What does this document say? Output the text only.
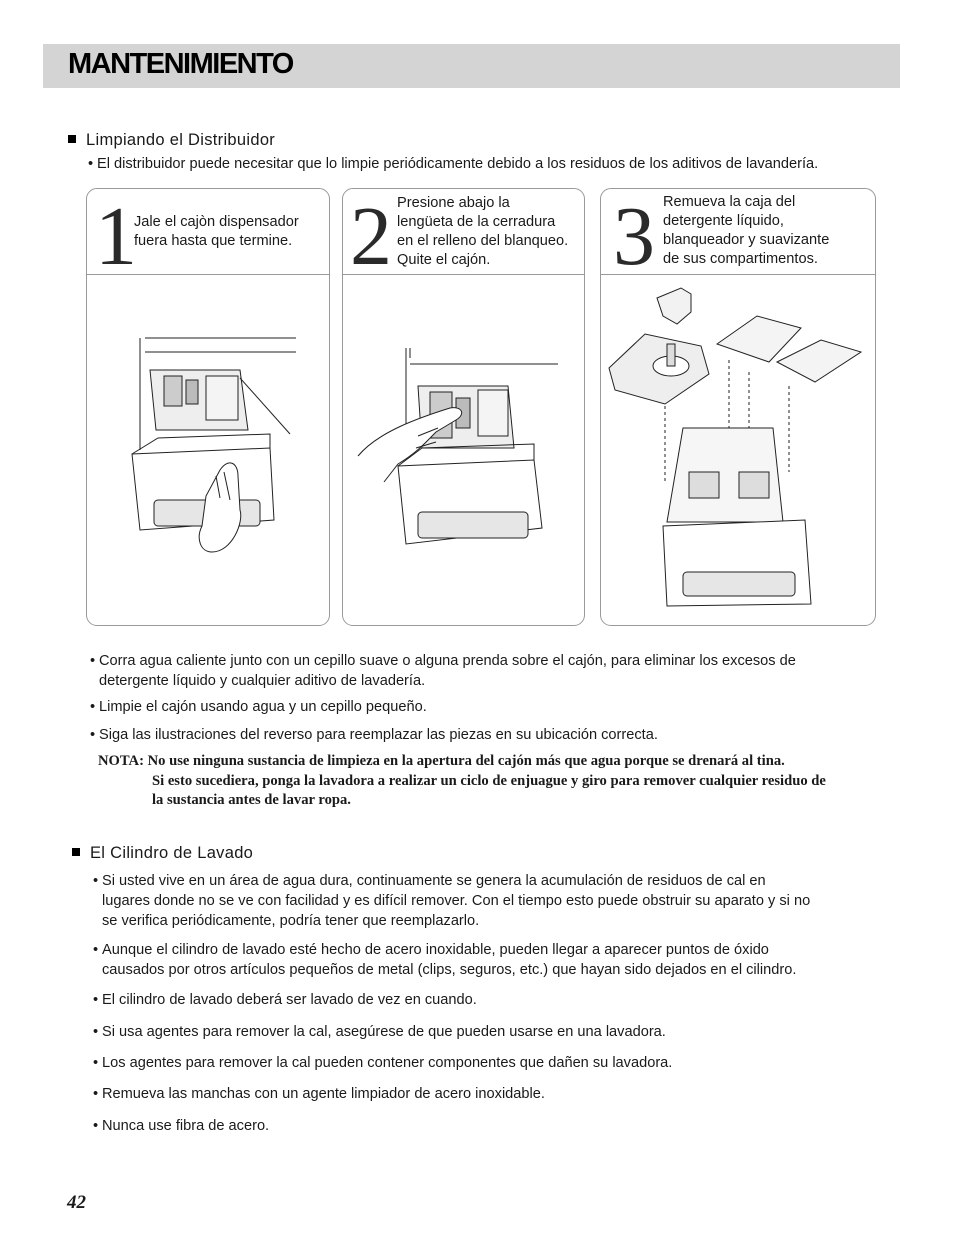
MANTENIMIENTO
Limpiando el Distribuidor
• El distribuidor puede necesitar que lo limpie periódicamente debido a los residuos de los aditivos de lavandería.
1
Jale el cajòn dispensador
fuera hasta que termine. 2 Presione abajo la
lengüeta de la cerradura
en el relleno del blanqueo.
Quite el cajón.	3 Remueva la caja del
detergente líquido,
blanqueador y suavizante
de sus compartimentos.
• Corra agua caliente junto con un cepillo suave o alguna prenda sobre el cajón, para eliminar los excesos de
detergente líquido y cualquier aditivo de lavadería.
• Limpie el cajón usando agua y un cepillo pequeño.
• Siga las ilustraciones del reverso para reemplazar las piezas en su ubicación correcta.
NOTA: No use ninguna sustancia de limpieza en la apertura del cajón más que agua porque se drenará al tina.
Si esto sucediera, ponga la lavadora a realizar un ciclo de enjuague y giro para remover cualquier residuo de
la sustancia antes de lavar ropa.
El Cilindro de Lavado
• Si usted vive en un área de agua dura, continuamente se genera la acumulación de residuos de cal en
lugares donde no se ve con facilidad y es difícil remover. Con el tiempo esto puede obstruir su aparato y si no
se verifica periódicamente, podría tener que reemplazarlo.
• Aunque el cilindro de lavado esté hecho de acero inoxidable, pueden llegar a aparecer puntos de óxido
causados por otros artículos pequeños de metal (clips, seguros, etc.) que hayan sido dejados en el cilindro.
• El cilindro de lavado deberá ser lavado de vez en cuando.
• Si usa agentes para remover la cal, asegúrese de que pueden usarse en una lavadora.
• Los agentes para remover la cal pueden contener componentes que dañen su lavadora.
• Remueva las manchas con un agente limpiador de acero inoxidable.
• Nunca use fibra de acero.
42
